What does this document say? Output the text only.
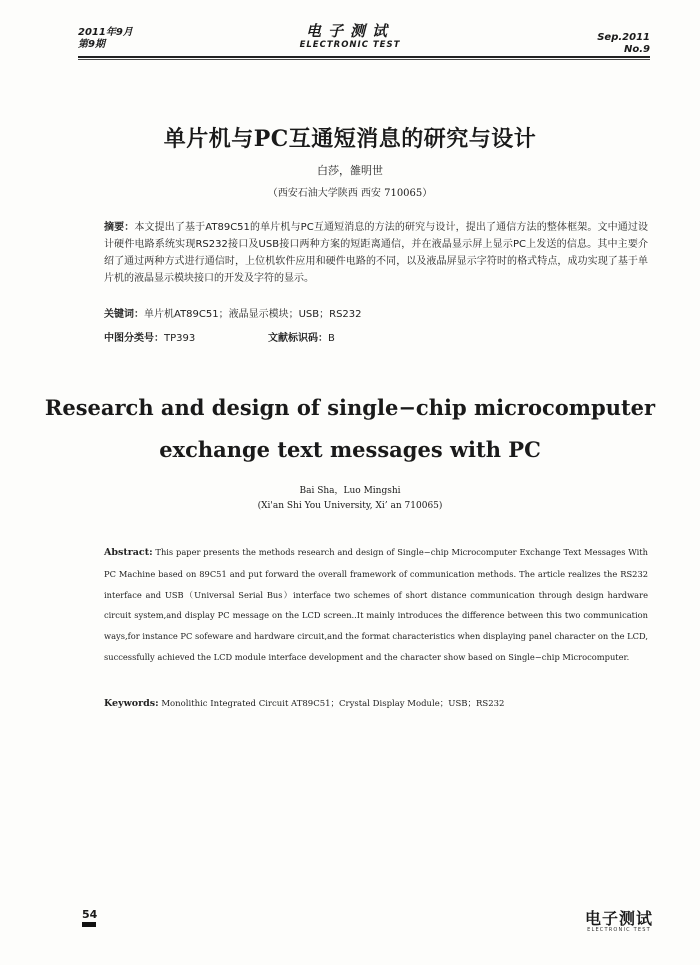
2011年9月
第9期
电子测试
ELECTRONIC TEST
Sep.2011
No.9
单片机与PC互通短消息的研究与设计
白莎，雒明世
（西安石油大学陕西 西安 710065）
摘要：本文提出了基于AT89C51的单片机与PC互通短消息的方法的研究与设计，提出了通信方法的整体框架。文中通过设计硬件电路系统实现RS232接口及USB接口两种方案的短距离通信，并在液晶显示屏上显示PC上发送的信息。其中主要介绍了通过两种方式进行通信时，上位机软件应用和硬件电路的不同，以及液晶屏显示字符时的格式特点，成功实现了基于单片机的液晶显示模块接口的开发及字符的显示。
关键词：单片机AT89C51；液晶显示模块；USB；RS232
中图分类号：TP393	文献标识码：B
Research and design of single−chip microcomputer
exchange text messages with PC
Bai Sha，Luo Mingshi
(Xi'an Shi You University, Xi’ an 710065)
Abstract: This paper presents the methods research and design of Single−chip Microcomputer Exchange Text Messages With PC Machine based on 89C51 and put forward the overall framework of communication methods. The article realizes the RS232 interface and USB（Universal Serial Bus）interface two schemes of short distance communication through design hardware circuit system,and display PC message on the LCD screen..It mainly introduces the difference between this two communication ways,for instance PC sofeware and hardware circuit,and the format characteristics when displaying panel character on the LCD, successfully achieved the LCD module interface development and the character show based on Single−chip Microcomputer.
Keywords: Monolithic Integrated Circuit AT89C51；Crystal Display Module；USB；RS232
54	电子测试
ELECTRONIC TEST
